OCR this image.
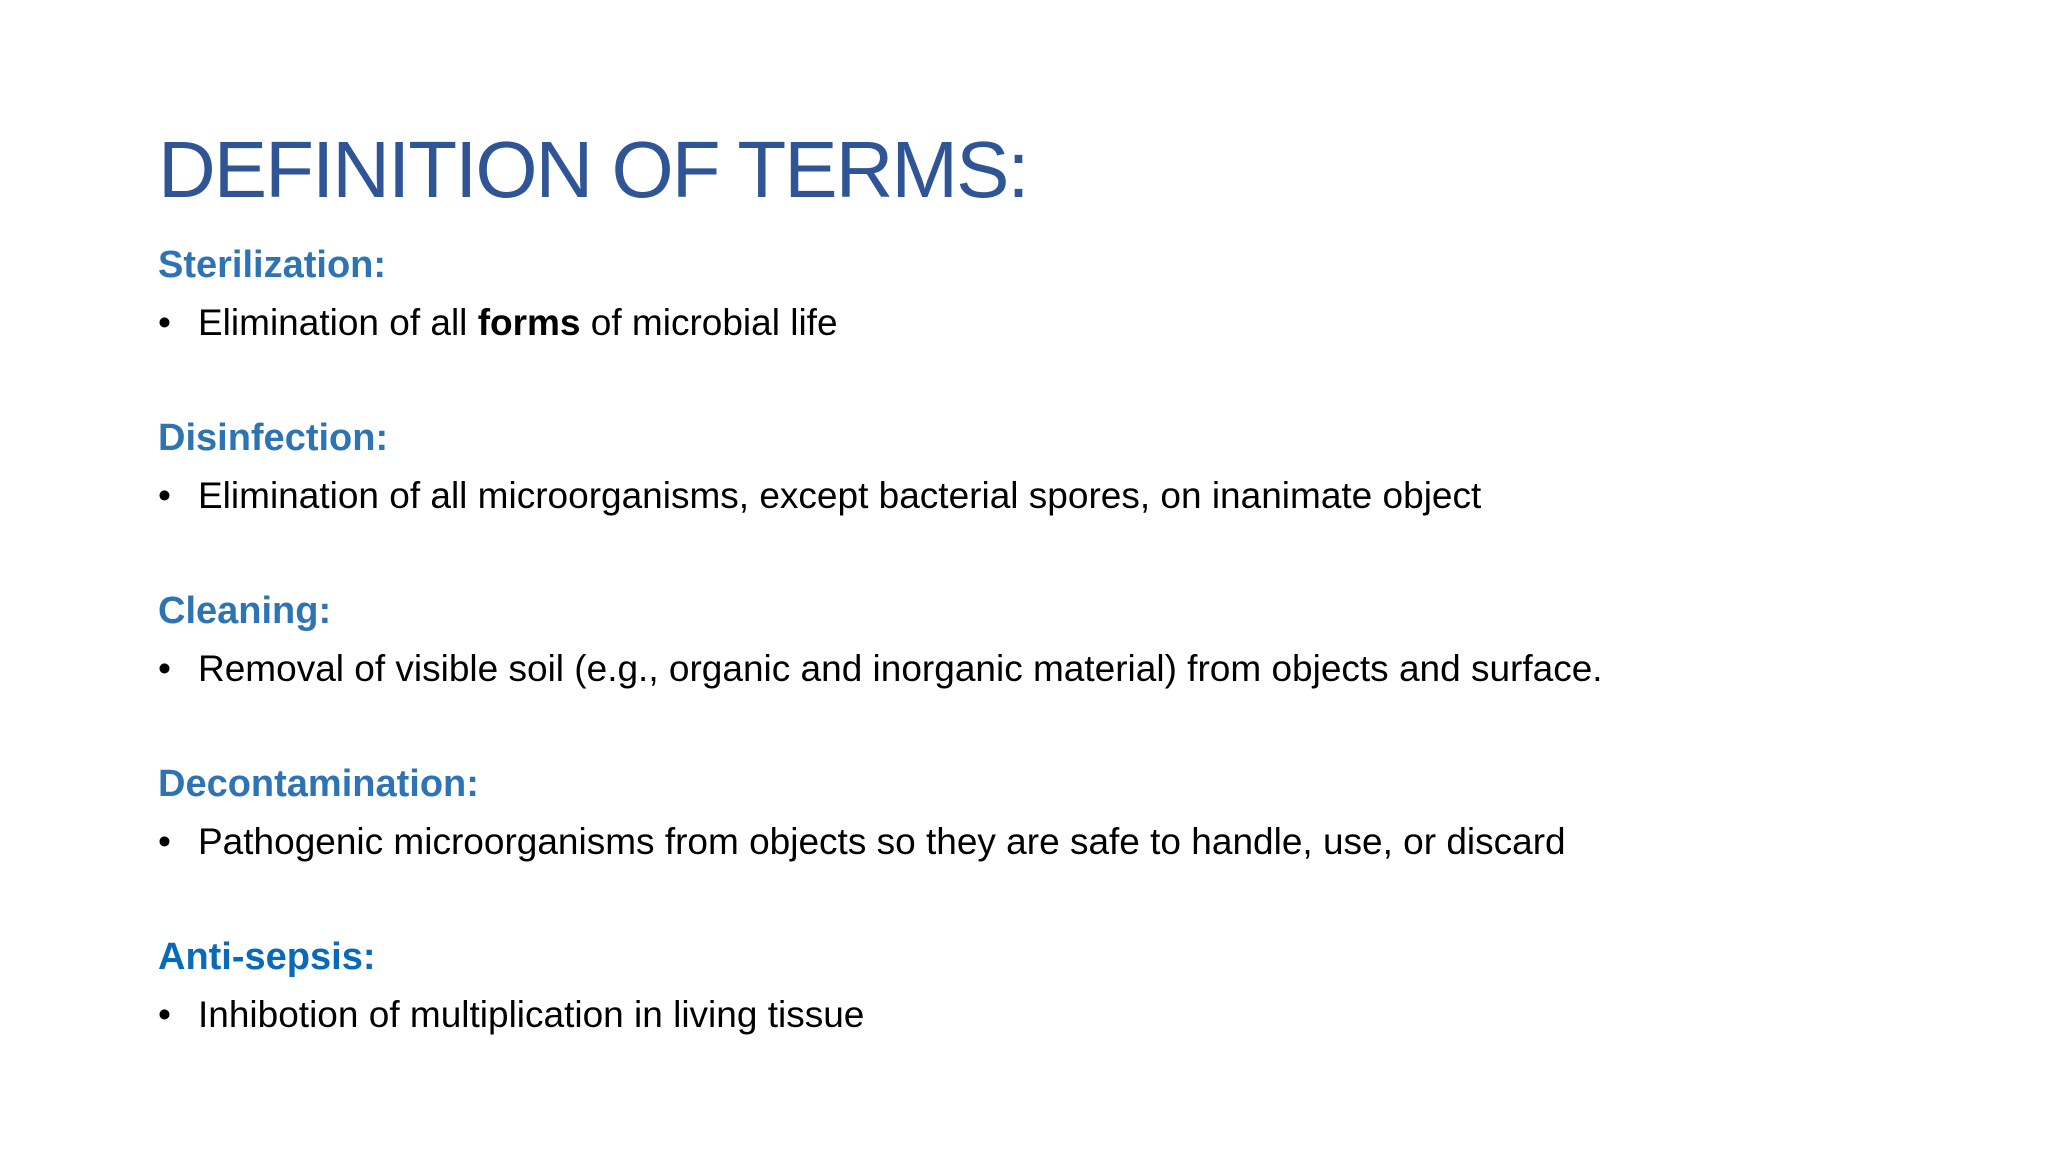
DEFINITION OF TERMS:
Sterilization:
• Elimination of all forms of microbial life
Disinfection:
• Elimination of all microorganisms, except bacterial spores, on inanimate object
Cleaning:
• Removal of visible soil (e.g., organic and inorganic material) from objects and surface.
Decontamination:
• Pathogenic microorganisms from objects so they are safe to handle, use, or discard
Anti-sepsis:
• Inhibotion of multiplication in living tissue
